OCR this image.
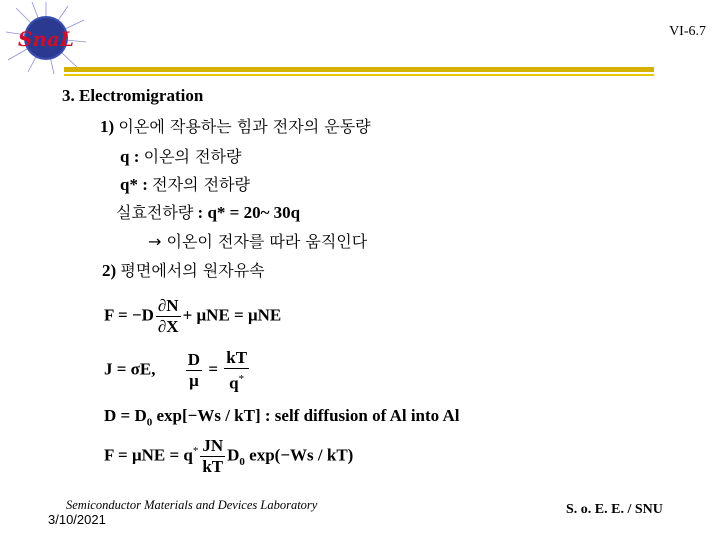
SnaL	VI-6.7
3. Electromigration
1) 이온에 작용하는 힘과 전자의 운동량
q : 이온의 전하량
q* : 전자의 전하량
실효전하량 : q* = 20~ 30q
→ 이온이 전자를 따라 움직인다
2) 평면에서의 원자유속
$F = -D \frac{\partial N}{\partial X} + \mu NE = \mu NE$
J = σE, $\frac{D}{\mu} = \frac{kT}{q^*}$
$D = D_0$ exp[−Ws / kT] : self diffusion of Al into Al
$F = \mu NE = q^* \frac{JN}{kT} D_0$ exp(−Ws / kT)
Semiconductor Materials and Devices Laboratory
3/10/2021
S. o. E. E. / SNU
